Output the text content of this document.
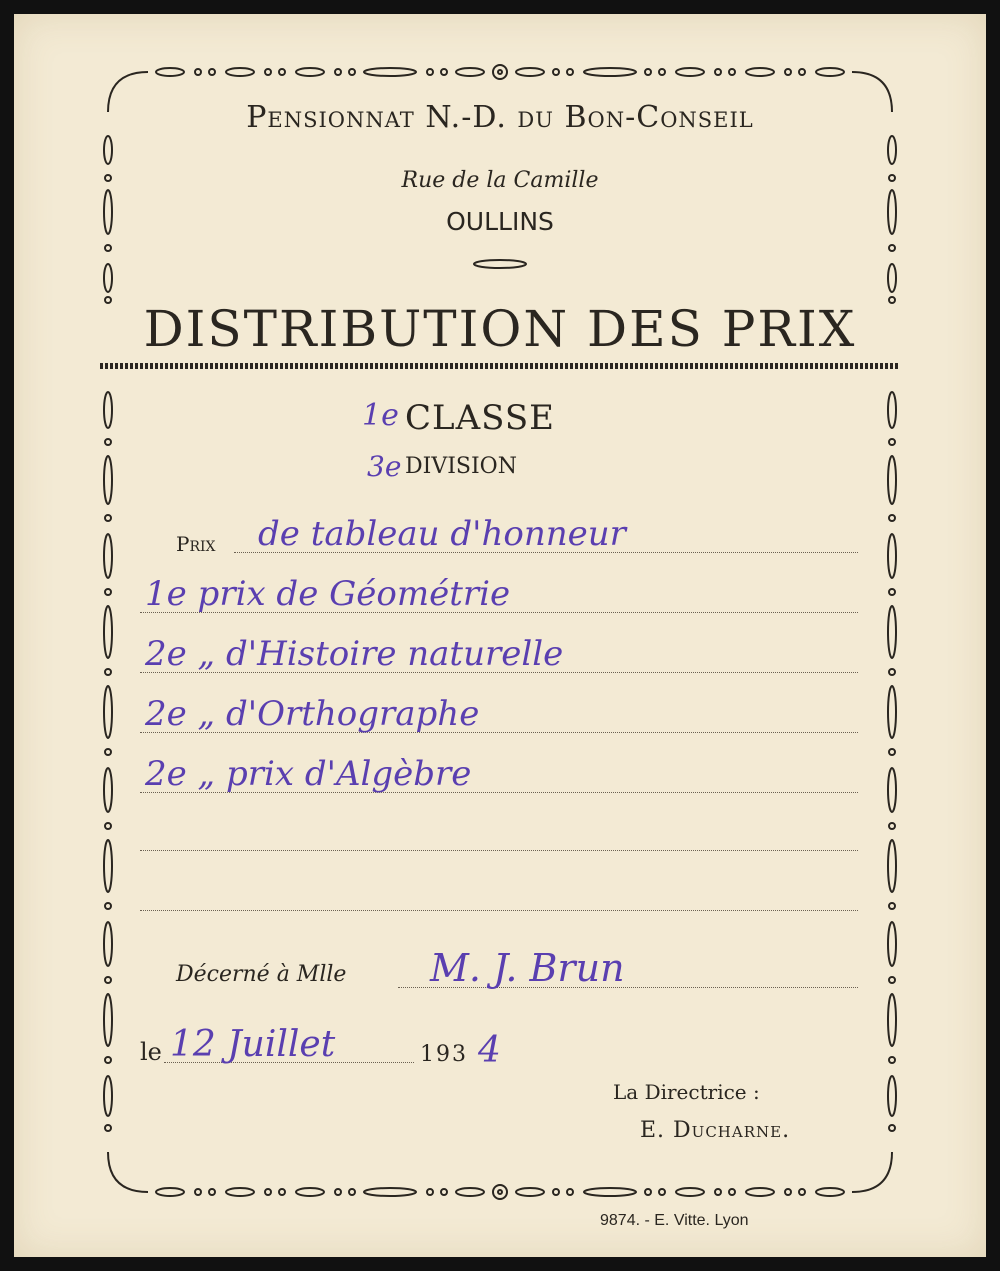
Pensionnat N.-D. du Bon-Conseil
Rue de la Camille
OULLINS
DISTRIBUTION DES PRIX
1e CLASSE
3e DIVISION
Prix de tableau d'honneur
1e prix de Géométrie
2e „ d'Histoire naturelle
2e „ d'Orthographe
2e „ prix d'Algèbre
Décerné à Mlle M. J. Brun
le 12 Juillet	193 4
La Directrice :
E. Ducharne.
9874. - E. Vitte. Lyon
